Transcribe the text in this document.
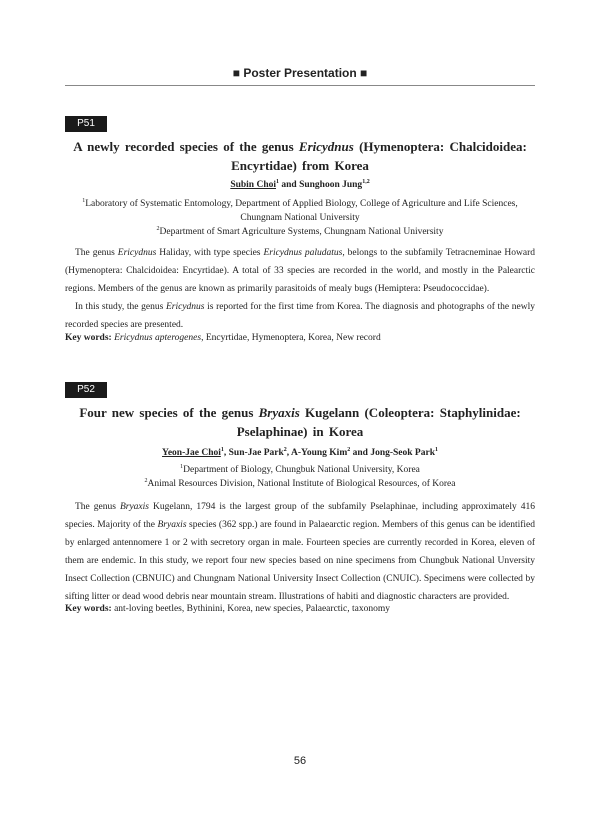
■ Poster Presentation ■
P51
A newly recorded species of the genus Ericydnus (Hymenoptera: Chalcidoidea: Encyrtidae) from Korea
Subin Choi$^1$ and Sunghoon Jung$^{1,2}$
$^1$Laboratory of Systematic Entomology, Department of Applied Biology, College of Agriculture and Life Sciences, Chungnam National University
$^2$Department of Smart Agriculture Systems, Chungnam National University

The genus Ericydnus Haliday, with type species Ericydnus paludatus, belongs to the subfamily Tetracneminae Howard (Hymenoptera: Chalcidoidea: Encyrtidae). A total of 33 species are recorded in the world, and mostly in the Palearctic regions. Members of the genus are known as primarily parasitoids of mealy bugs (Hemiptera: Pseudococcidae).

In this study, the genus Ericydnus is reported for the first time from Korea. The diagnosis and photographs of the newly recorded species are presented.

Key words: Ericydnus apterogenes, Encyrtidae, Hymenoptera, Korea, New record
P52
Four new species of the genus Bryaxis Kugelann (Coleoptera: Staphylinidae: Pselaphinae) in Korea
Yeon-Jae Choi$^1$, Sun-Jae Park$^2$, A-Young Kim$^2$ and Jong-Seok Park$^1$
$^1$Department of Biology, Chungbuk National University, Korea
$^2$Animal Resources Division, National Institute of Biological Resources, of Korea

The genus Bryaxis Kugelann, 1794 is the largest group of the subfamily Pselaphinae, including approximately 416 species. Majority of the Bryaxis species (362 spp.) are found in Palaearctic region. Members of this genus can be identified by enlarged antennomere 1 or 2 with secretory organ in male. Fourteen species are currently recorded in Korea, eleven of them are endemic. In this study, we report four new species based on nine specimens from Chungbuk National Unversity Insect Collection (CBNUIC) and Chungnam National University Insect Collection (CNUIC). Specimens were collected by sifting litter or dead wood debris near mountain stream. Illustrations of habiti and diagnostic characters are provided.

Key words: ant-loving beetles, Bythinini, Korea, new species, Palaearctic, taxonomy
56
